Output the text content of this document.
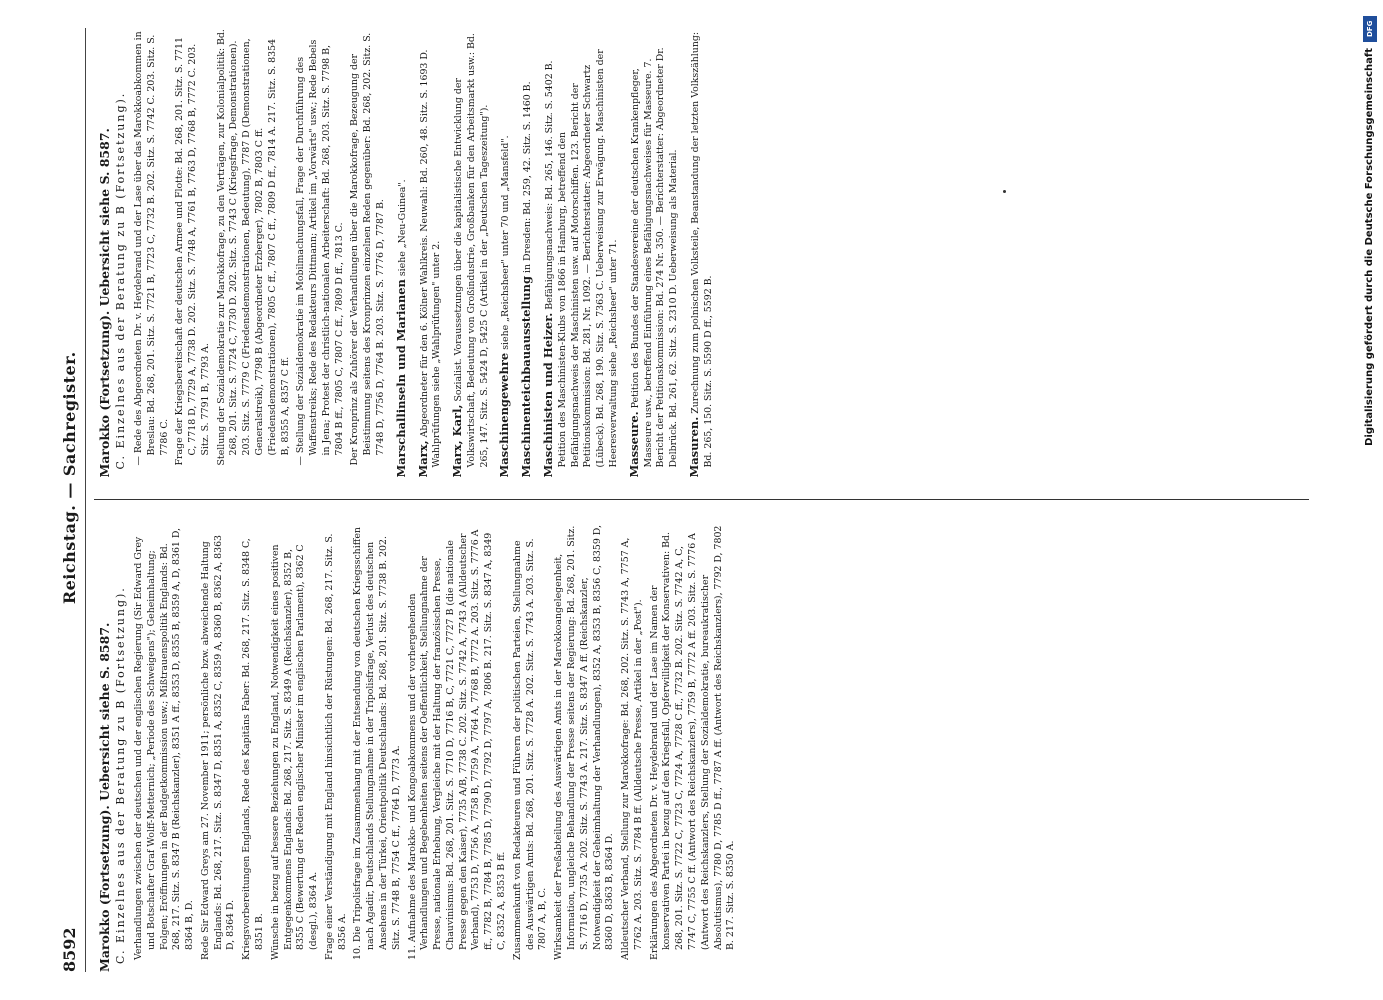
8592
Reichstag. — Sachregister.
Marokko (Fortsetzung). Uebersicht siehe S. 8587. C. Einzelnes aus der Beratung zu B (Fortsetzung). Verhandlungen zwischen der deutschen und der englischen Regierung (Sir Edward Grey und Botschafter Graf Wolff-Metternich; „Periode des Schweigens"); Geheimhaltung; Folgen; Eröffnungen in der Budgetkommission usw.; Mißtrauenspolitik Englands: Bd. 268, 217. Sitz. S. 8347 B (Reichskanzler), 8351 A ff., 8353 D, 8355 B, 8359 A, D, 8361 D, 8364 B, D. Rede Sir Edward Greys am 27. November 1911; persönliche bzw. abweichende Haltung Englands: Bd. 268, 217. Sitz. S. 8347 D, 8351 A, 8352 C, 8359 A, 8360 B, 8362 A, 8363 D, 8364 D. Kriegsvorbereitungen Englands, Rede des Kapitäns Faber: Bd. 268, 217. Sitz. S. 8348 C, 8351 B. Wünsche in bezug auf bessere Beziehungen zu England, Notwendigkeit eines positiven Entgegenkommens Englands: Bd. 268, 217. Sitz. S. 8349 A (Reichskanzler), 8352 B, 8355 C (Bewertung der Reden englischer Minister im englischen Parlament), 8362 C (desgl.), 8364 A. Frage einer Verständigung mit England hinsichtlich der Rüstungen: Bd. 268, 217. Sitz. S. 8356 A. 10. Die Tripolisfrage im Zusammenhang mit der Entsendung von deutschen Kriegsschiffen nach Agadir, Deutschlands Stellungnahme in der Tripolisfrage, Verlust des deutschen Ansehens in der Türkei, Orientpolitik Deutschlands: Bd. 268, 201. Sitz. S. 7738 B. 202. Sitz. S. 7748 B, 7754 C ff., 7764 D, 7773 A. 11. Aufnahme des Marokko- und Kongoabkommens und der vorhergehenden Verhandlungen und Begebenheiten seitens der Oeffentlichkeit, Stellungnahme der Presse, nationale Erhebung, Vergleiche mit der Haltung der französischen Presse, Chauvinismus: Bd. 268, 201. Sitz. S. 7710 D, 7716 B, C, 7721 C, 7727 B (die nationale Presse gegen den Kaiser), 7735 A/B, 7738 C. 202. Sitz. S. 7742 A, 7743 A (Alldeutscher Verband), 7753 D, 7756 A, 7758 B, 7759 A, 7764 A, 7768 B, 7772 A. 203. Sitz. S. 7776 A ff., 7782 B, 7784 B, 7785 D, 7790 D, 7792 D, 7797 A, 7806 B. 217. Sitz. S. 8347 A, 8349 C, 8352 A, 8353 B ff. Zusammenkunft von Redakteuren und Führern der politischen Parteien, Stellungnahme des Auswärtigen Amts: Bd. 268, 201. Sitz. S. 7728 A. 202. Sitz. S. 7743 A. 203. Sitz. S. 7807 A, B, C. Wirksamkeit der Preßabteilung des Auswärtigen Amts in der Marokkoangelegenheit, Information, ungleiche Behandlung der Presse seitens der Regierung: Bd. 268, 201. Sitz. S. 7716 D, 7735 A. 202. Sitz. S. 7743 A. 217. Sitz. S. 8347 A ff. (Reichskanzler, Notwendigkeit der Geheimhaltung der Verhandlungen), 8352 A, 8353 B, 8356 C, 8359 D, 8360 D, 8363 B, 8364 D. Alldeutscher Verband, Stellung zur Marokkofrage: Bd. 268, 202. Sitz. S. 7743 A, 7757 A, 7762 A. 203. Sitz. S. 7784 B ff. (Alldeutsche Presse, Artikel in der „Post"). Erklärungen des Abgeordneten Dr. v. Heydebrand und der Lase im Namen der konservativen Partei in bezug auf den Kriegsfall, Opferwilligkeit der Konservativen: Bd. 268, 201. Sitz. S. 7722 C, 7723 C, 7724 A, 7728 C ff., 7732 B. 202. Sitz. S. 7742 A, C, 7747 C, 7755 C ff. (Antwort des Reichskanzlers), 7759 B, 7772 A ff. 203. Sitz. S. 7776 A (Antwort des Reichskanzlers, Stellung der Sozialdemokratie, bureaukratischer Absolutismus), 7780 D, 7785 D ff., 7787 A ff. (Antwort des Reichskanzlers), 7792 D, 7802 B. 217. Sitz. S. 8350 A.
Marokko (Fortsetzung). Uebersicht siehe S. 8587. C. Einzelnes aus der Beratung zu B (Fortsetzung). — Rede des Abgeordneten Dr. v. Heydebrand und der Lase über das Marokkoabkommen in Breslau: Bd. 268, 201. Sitz. S. 7721 B, 7723 C, 7732 B. 202. Sitz. S. 7742 C. 203. Sitz. S. 7786 C. Frage der Kriegsbereitschaft der deutschen Armee und Flotte: Bd. 268, 201. Sitz. S. 7711 C, 7718 D, 7729 A, 7738 D. 202. Sitz. S. 7748 A, 7761 B, 7763 D, 7768 B, 7772 C. 203. Sitz. S. 7791 B, 7793 A. Stellung der Sozialdemokratie zur Marokkofrage, zu den Verträgen, zur Kolonialpolitik: Bd. 268, 201. Sitz. S. 7724 C, 7730 D. 202. Sitz. S. 7743 C (Kriegsfrage, Demonstrationen). 203. Sitz. S. 7779 C (Friedensdemonstrationen, Bedeutung), 7787 D (Demonstrationen, Generalstreik), 7798 B (Abgeordneter Erzberger), 7802 B, 7803 C ff. (Friedensdemonstrationen), 7805 C ff., 7807 C ff., 7809 D ff., 7814 A. 217. Sitz. S. 8354 B, 8355 A, 8357 C ff. — Stellung der Sozialdemokratie im Mobilmachungsfall, Frage der Durchführung des Waffenstreiks; Rede des Redakteurs Dittmann; Artikel im „Vorwärts" usw.; Rede Bebels in Jena; Protest der christlich-nationalen Arbeiterschaft: Bd. 268, 203. Sitz. S. 7798 B, 7804 B ff., 7805 C, 7807 C ff., 7809 D ff., 7813 C. Der Kronprinz als Zuhörer der Verhandlungen über die Marokkofrage, Bezeugung der Beistimmung seitens des Kronprinzen einzelnen Reden gegenüber: Bd. 268, 202. Sitz. S. 7748 D, 7756 D, 7764 B. 203. Sitz. S. 7776 D, 7787 B. Marschallinseln und Marianen siehe „Neu-Guinea".
Marx, Abgeordneter für den 6. Kölner Wahlkreis. Neuwahl: Bd. 260, 48. Sitz. S. 1693 D. Wahlprüfungen siehe „Wahlprüfungen" unter 2. Marx, Karl, Sozialist. Voraussetzungen über die kapitalistische Entwicklung der Volkswirtschaft, Bedeutung von Großindustrie, Großbanken für den Arbeitsmarkt usw.: Bd. 265, 147. Sitz. S. 5424 D, 5425 C (Artikel in der „Deutschen Tageszeitung"). Maschinengewehre siehe „Reichsheer" unter 70 und „Mansfeld".
Maschinenteichbauausstellung in Dresden: Bd. 259, 42. Sitz. S. 1460 B.
Maschinisten und Heizer. Befähigungsnachweis: Bd. 265, 146. Sitz. S. 5402 B. Petition des Maschinisten-Klubs von 1866 in Hamburg, betreffend den Befähigungsnachweis der Maschinisten usw. auf Motorschiffen. 123. Bericht der Petitionskommission: Bd. 281, Nr. 1092. — Berichterstatter: Abgeordneter Schwartz (Lübeck). Bd. 268, 190. Sitz. S. 7363 C. Ueberweisung zur Erwägung. Maschinisten der Heeresverwaltung siehe „Reichsheer" unter 71. Masseure. Petition des Bundes der Standesvereine der deutschen Krankenpfleger, Masseure usw., betreffend Einführung eines Befähigungsnachweises für Masseure. 7. Bericht der Petitionskommission: Bd. 274 Nr. 350. — Berichterstatter: Abgeordneter Dr. Delbrück. Bd. 261, 62. Sitz. S. 2310 D. Ueberweisung als Material. Masuren. Zurechnung zum polnischen Volksteile, Beanstandung der letzten Volkszählung: Bd. 265, 150. Sitz. S. 5590 D ff., 5592 B.
DFG
Digitalisierung gefördert durch die Deutsche Forschungsgemeinschaft
